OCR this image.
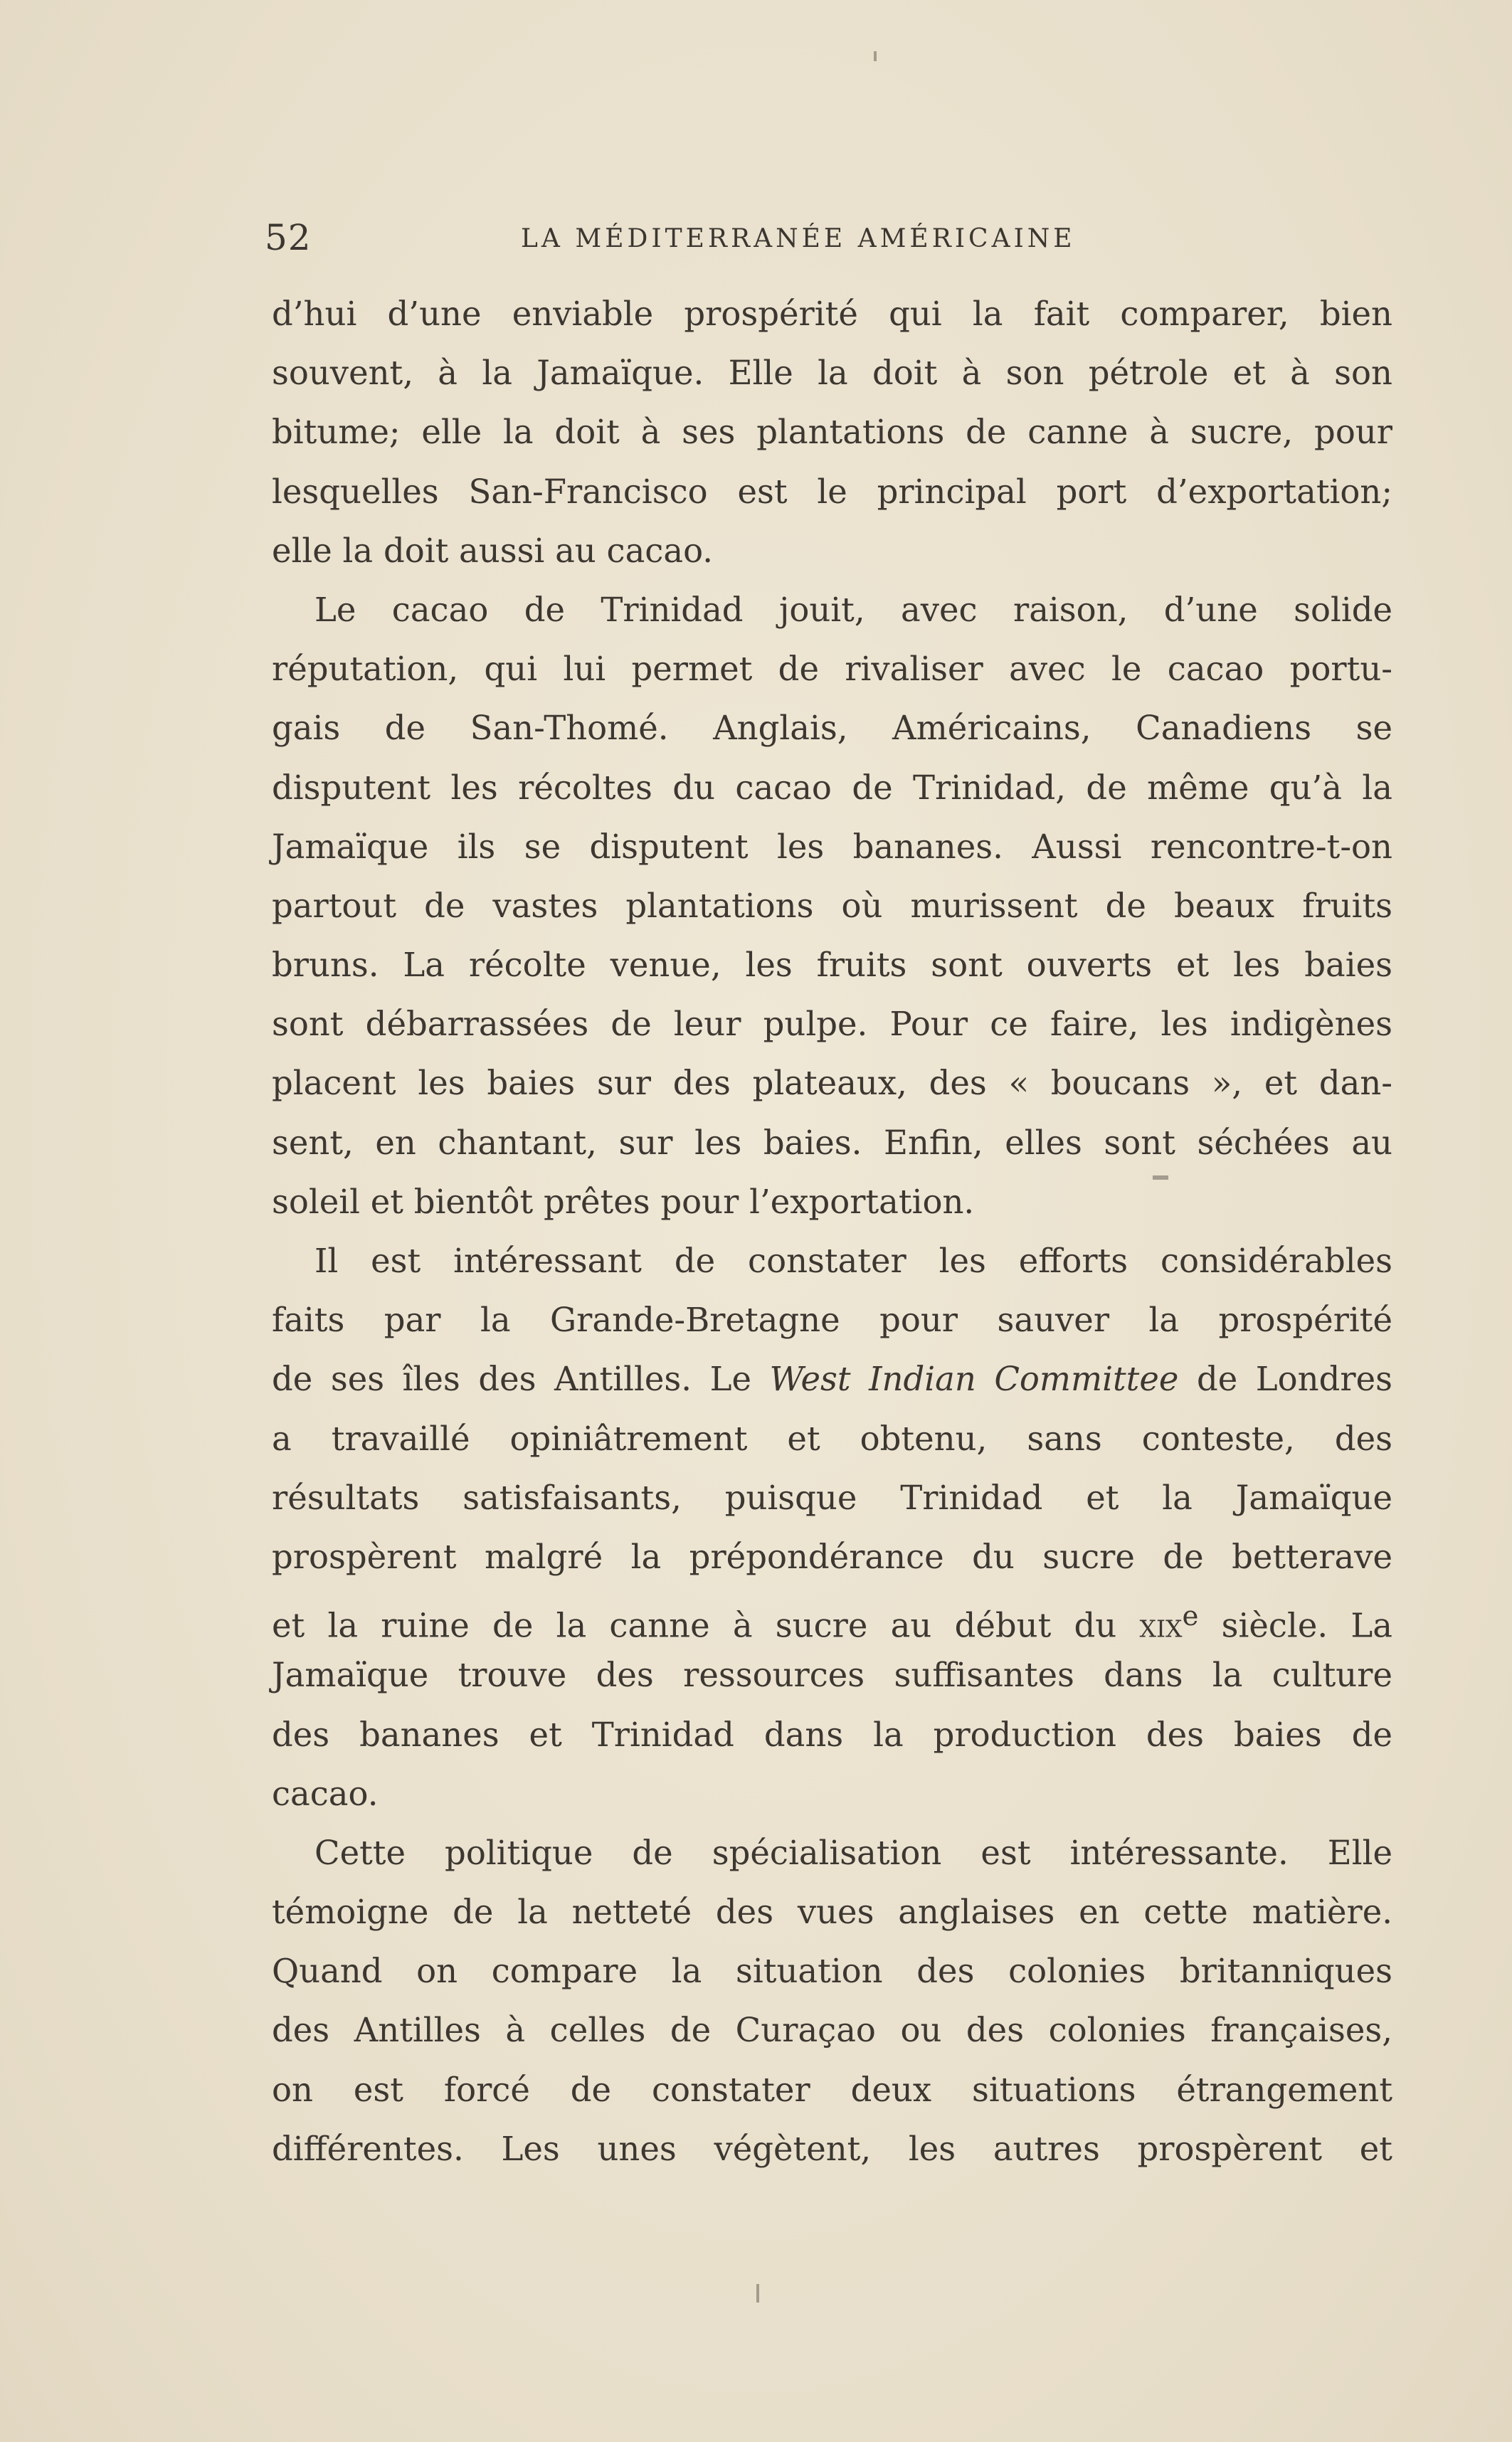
52	LA MÉDITERRANÉE AMÉRICAINE
d’hui d’une enviable prospérité qui la fait comparer, bien
souvent, à la Jamaïque. Elle la doit à son pétrole et à son
bitume; elle la doit à ses plantations de canne à sucre, pour
lesquelles San-Francisco est le principal port d’exportation;
elle la doit aussi au cacao.
Le cacao de Trinidad jouit, avec raison, d’une solide
réputation, qui lui permet de rivaliser avec le cacao portu-
gais de San-Thomé. Anglais, Américains, Canadiens se
disputent les récoltes du cacao de Trinidad, de même qu’à la
Jamaïque ils se disputent les bananes. Aussi rencontre-t-on
partout de vastes plantations où murissent de beaux fruits
bruns. La récolte venue, les fruits sont ouverts et les baies
sont débarrassées de leur pulpe. Pour ce faire, les indigènes
placent les baies sur des plateaux, des « boucans », et dan-
sent, en chantant, sur les baies. Enfin, elles sont séchées au
soleil et bientôt prêtes pour l’exportation.
Il est intéressant de constater les efforts considérables
faits par la Grande-Bretagne pour sauver la prospérité
de ses îles des Antilles. Le West Indian Committee de Londres
a travaillé opiniâtrement et obtenu, sans conteste, des
résultats satisfaisants, puisque Trinidad et la Jamaïque
prospèrent malgré la prépondérance du sucre de betterave
et la ruine de la canne à sucre au début du xix$^e$ siècle. La
Jamaïque trouve des ressources suffisantes dans la culture
des bananes et Trinidad dans la production des baies de
cacao.
Cette politique de spécialisation est intéressante. Elle
témoigne de la netteté des vues anglaises en cette matière.
Quand on compare la situation des colonies britanniques
des Antilles à celles de Curaçao ou des colonies françaises,
on est forcé de constater deux situations étrangement
différentes. Les unes végètent, les autres prospèrent et
